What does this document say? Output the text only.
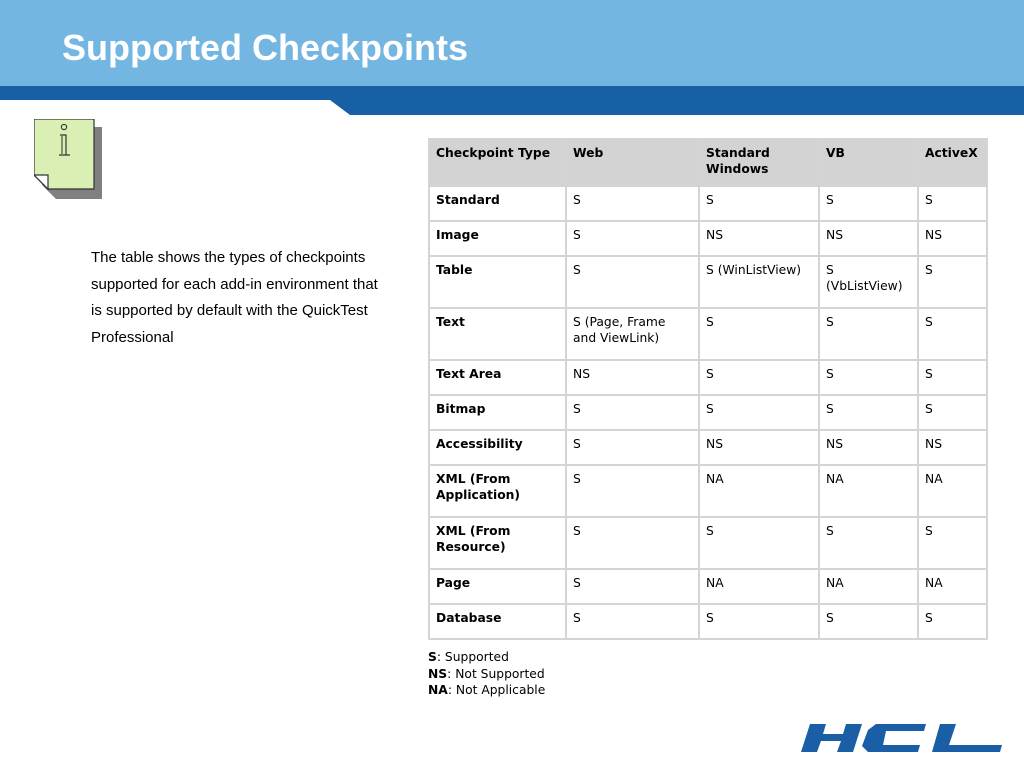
Supported Checkpoints

The table shows the types of checkpoints supported for each add-in environment that is supported by default with the QuickTest Professional

Checkpoint Type	Web	Standard Windows	VB	ActiveX
Standard	S	S	S	S
Image	S	NS	NS	NS
Table	S	S (WinListView)	S (VbListView)	S
Text	S (Page, Frame and ViewLink)	S	S	S
Text Area	NS	S	S	S
Bitmap	S	S	S	S
Accessibility	S	NS	NS	NS
XML (From Application)	S	NA	NA	NA
XML (From Resource)	S	S	S	S
Page	S	NA	NA	NA
Database	S	S	S	S
S: Supported
NS: Not Supported
NA: Not Applicable
